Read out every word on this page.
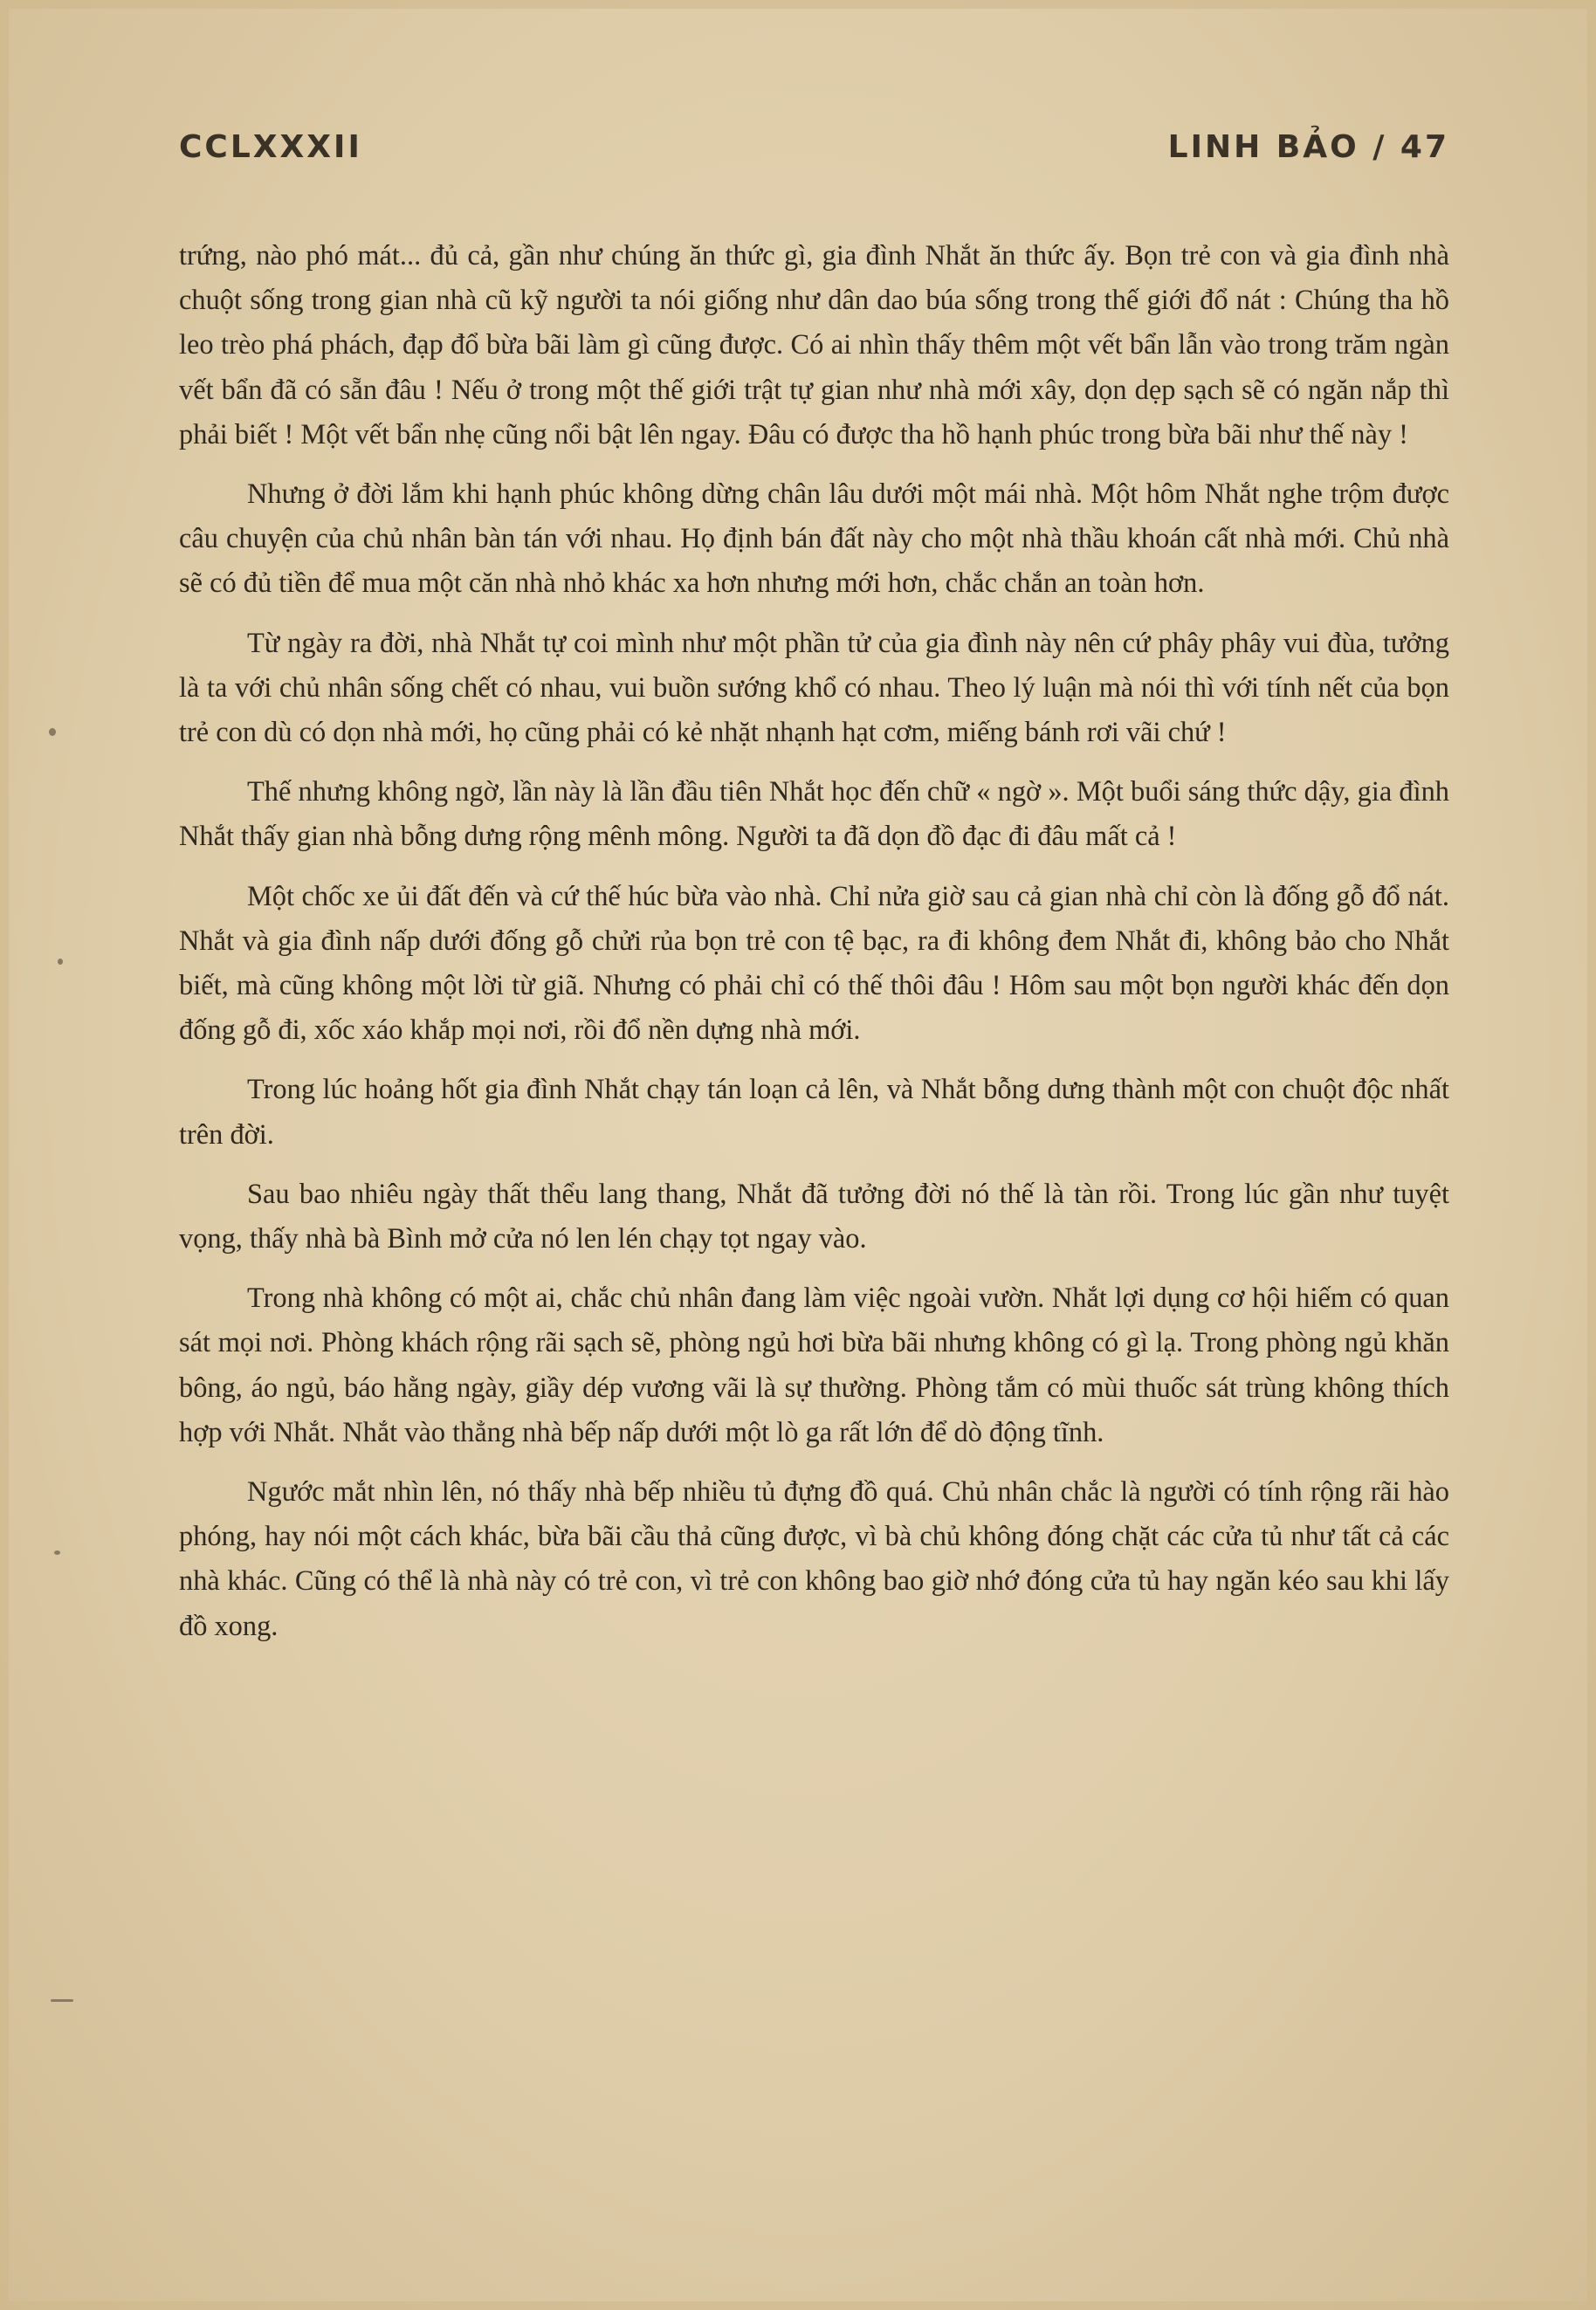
CCLXXXII	LINH BẢO / 47

trứng, nào phó mát... đủ cả, gần như chúng ăn thức gì, gia đình Nhắt ăn thức ấy. Bọn trẻ con và gia đình nhà chuột sống trong gian nhà cũ kỹ người ta nói giống như dân dao búa sống trong thế giới đổ nát : Chúng tha hồ leo trèo phá phách, đạp đổ bừa bãi làm gì cũng được. Có ai nhìn thấy thêm một vết bẩn lẫn vào trong trăm ngàn vết bẩn đã có sẵn đâu ! Nếu ở trong một thế giới trật tự gian như nhà mới xây, dọn dẹp sạch sẽ có ngăn nắp thì phải biết ! Một vết bẩn nhẹ cũng nổi bật lên ngay. Đâu có được tha hồ hạnh phúc trong bừa bãi như thế này !

Nhưng ở đời lắm khi hạnh phúc không dừng chân lâu dưới một mái nhà. Một hôm Nhắt nghe trộm được câu chuyện của chủ nhân bàn tán với nhau. Họ định bán đất này cho một nhà thầu khoán cất nhà mới. Chủ nhà sẽ có đủ tiền để mua một căn nhà nhỏ khác xa hơn nhưng mới hơn, chắc chắn an toàn hơn.

Từ ngày ra đời, nhà Nhắt tự coi mình như một phần tử của gia đình này nên cứ phây phây vui đùa, tưởng là ta với chủ nhân sống chết có nhau, vui buồn sướng khổ có nhau. Theo lý luận mà nói thì với tính nết của bọn trẻ con dù có dọn nhà mới, họ cũng phải có kẻ nhặt nhạnh hạt cơm, miếng bánh rơi vãi chứ !

Thế nhưng không ngờ, lần này là lần đầu tiên Nhắt học đến chữ « ngờ ». Một buổi sáng thức dậy, gia đình Nhắt thấy gian nhà bỗng dưng rộng mênh mông. Người ta đã dọn đồ đạc đi đâu mất cả !

Một chốc xe ủi đất đến và cứ thế húc bừa vào nhà. Chỉ nửa giờ sau cả gian nhà chỉ còn là đống gỗ đổ nát. Nhắt và gia đình nấp dưới đống gỗ chửi rủa bọn trẻ con tệ bạc, ra đi không đem Nhắt đi, không bảo cho Nhắt biết, mà cũng không một lời từ giã. Nhưng có phải chỉ có thế thôi đâu ! Hôm sau một bọn người khác đến dọn đống gỗ đi, xốc xáo khắp mọi nơi, rồi đổ nền dựng nhà mới.

Trong lúc hoảng hốt gia đình Nhắt chạy tán loạn cả lên, và Nhắt bỗng dưng thành một con chuột độc nhất trên đời.

Sau bao nhiêu ngày thất thểu lang thang, Nhắt đã tưởng đời nó thế là tàn rồi. Trong lúc gần như tuyệt vọng, thấy nhà bà Bình mở cửa nó len lén chạy tọt ngay vào.

Trong nhà không có một ai, chắc chủ nhân đang làm việc ngoài vườn. Nhắt lợi dụng cơ hội hiếm có quan sát mọi nơi. Phòng khách rộng rãi sạch sẽ, phòng ngủ hơi bừa bãi nhưng không có gì lạ. Trong phòng ngủ khăn bông, áo ngủ, báo hằng ngày, giầy dép vương vãi là sự thường. Phòng tắm có mùi thuốc sát trùng không thích hợp với Nhắt. Nhắt vào thẳng nhà bếp nấp dưới một lò ga rất lớn để dò động tĩnh.

Ngước mắt nhìn lên, nó thấy nhà bếp nhiều tủ đựng đồ quá. Chủ nhân chắc là người có tính rộng rãi hào phóng, hay nói một cách khác, bừa bãi cầu thả cũng được, vì bà chủ không đóng chặt các cửa tủ như tất cả các nhà khác. Cũng có thể là nhà này có trẻ con, vì trẻ con không bao giờ nhớ đóng cửa tủ hay ngăn kéo sau khi lấy đồ xong.
